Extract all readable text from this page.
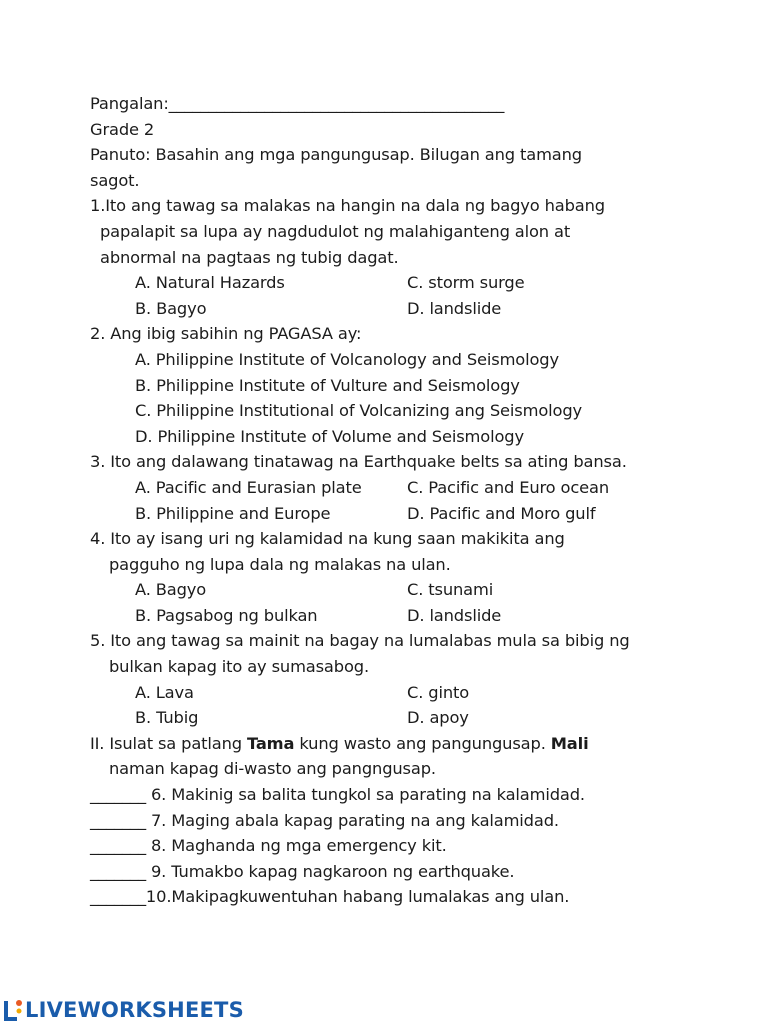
Pangalan:__________________________________________
Grade 2
Panuto: Basahin ang mga pangungusap. Bilugan ang tamang
sagot.
1.Ito ang tawag sa malakas na hangin na dala ng bagyo habang
papalapit sa lupa ay nagdudulot ng malahiganteng alon at
abnormal na pagtaas ng tubig dagat.
A. Natural Hazards	C. storm surge
B. Bagyo	D. landslide
2. Ang ibig sabihin ng PAGASA ay:
A. Philippine Institute of Volcanology and Seismology
B. Philippine Institute of Vulture and Seismology
C. Philippine Institutional of Volcanizing ang Seismology
D. Philippine Institute of Volume and Seismology
3. Ito ang dalawang tinatawag na Earthquake belts sa ating bansa.
A. Pacific and Eurasian plate	C. Pacific and Euro ocean
B. Philippine and Europe	D. Pacific and Moro gulf
4. Ito ay isang uri ng kalamidad na kung saan makikita ang
pagguho ng lupa dala ng malakas na ulan.
A. Bagyo	C. tsunami
B. Pagsabog ng bulkan	D. landslide
5. Ito ang tawag sa mainit na bagay na lumalabas mula sa bibig ng
bulkan kapag ito ay sumasabog.
A. Lava	C. ginto
B. Tubig	D. apoy
II. Isulat sa patlang Tama kung wasto ang pangungusap. Mali
naman kapag di-wasto ang pangngusap.
_______ 6. Makinig sa balita tungkol sa parating na kalamidad.
_______ 7. Maging abala kapag parating na ang kalamidad.
_______ 8. Maghanda ng mga emergency kit.
_______ 9. Tumakbo kapag nagkaroon ng earthquake.
_______10.Makipagkuwentuhan habang lumalakas ang ulan.
LIVEWORKSHEETS
